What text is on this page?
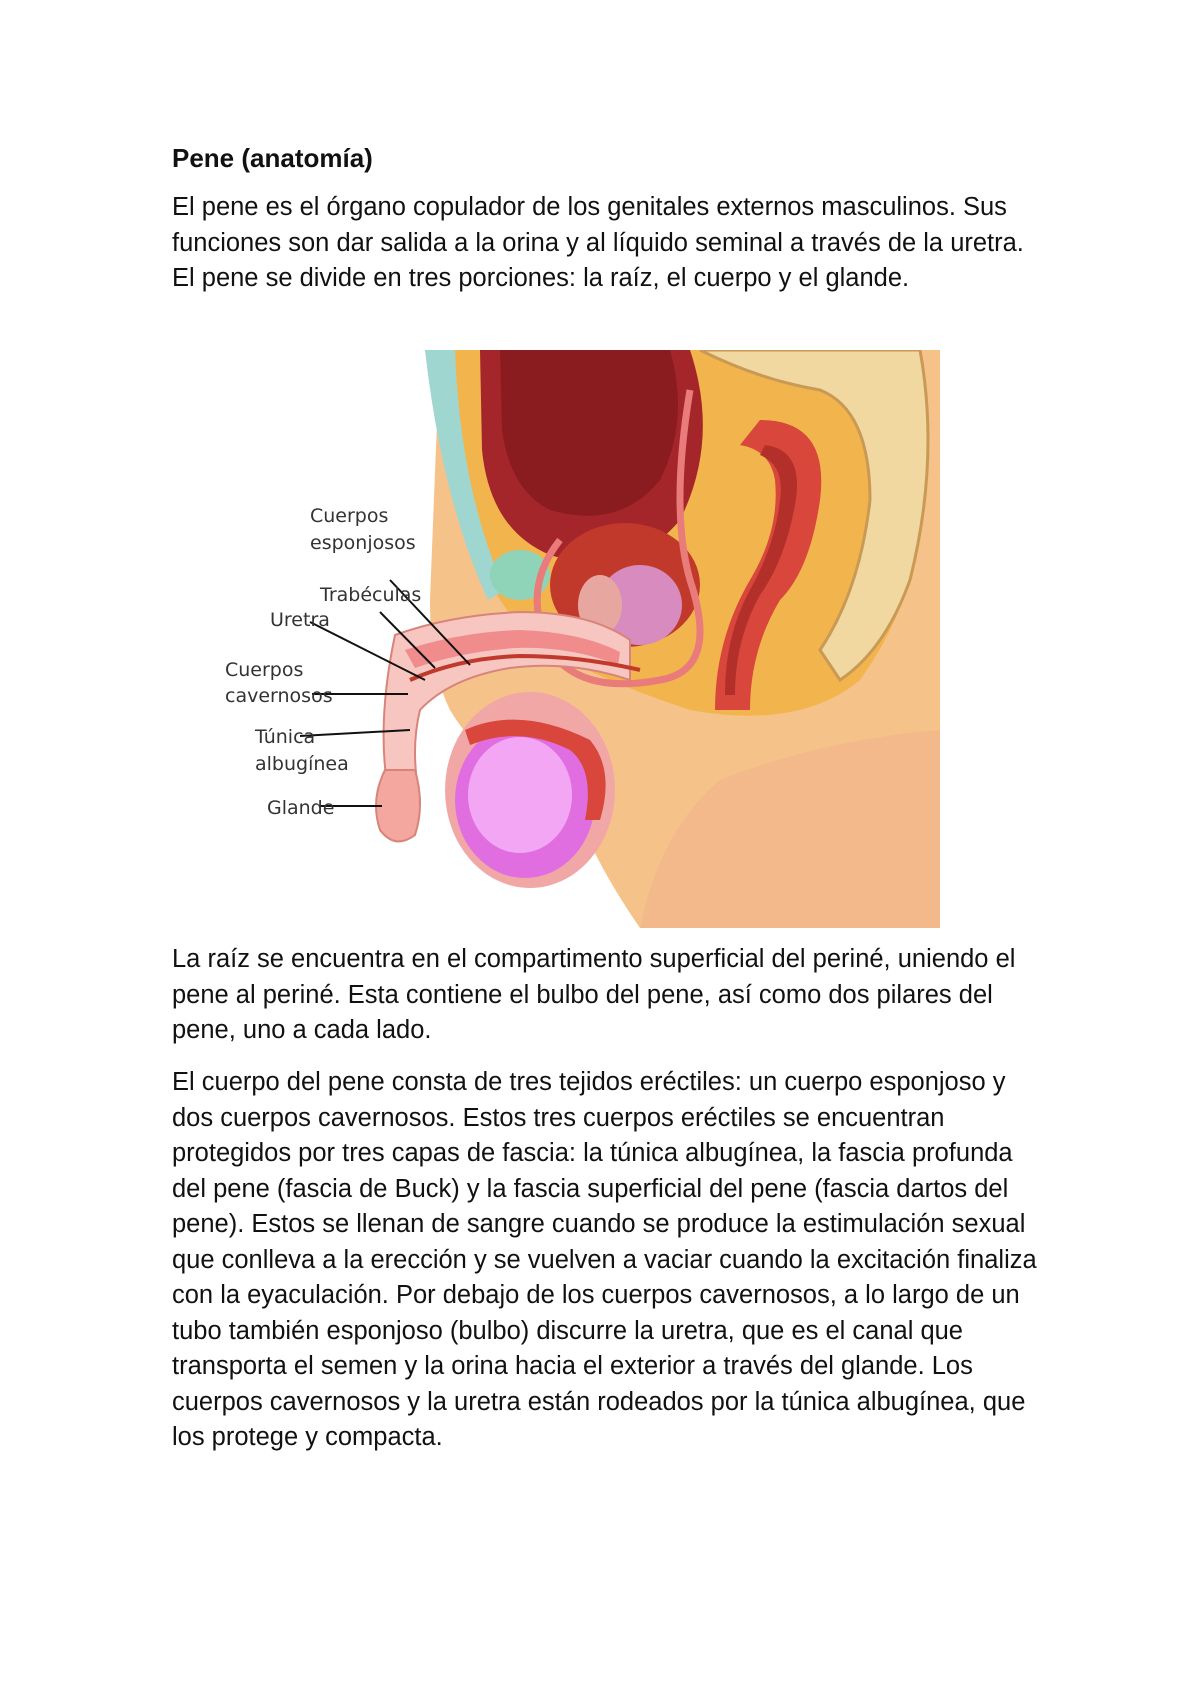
Pene (anatomía)

El pene es el órgano copulador de los genitales externos masculinos. Sus funciones son dar salida a la orina y al líquido seminal a través de la uretra. El pene se divide en tres porciones: la raíz, el cuerpo y el glande.

Cuerpos
esponjosos
Trabéculas
Uretra
Cuerpos
cavernosos
Túnica
albugínea
Glande

La raíz se encuentra en el compartimento superficial del periné, uniendo el pene al periné. Esta contiene el bulbo del pene, así como dos pilares del pene, uno a cada lado.

El cuerpo del pene consta de tres tejidos eréctiles: un cuerpo esponjoso y dos cuerpos cavernosos. Estos tres cuerpos eréctiles se encuentran protegidos por tres capas de fascia: la túnica albugínea, la fascia profunda del pene (fascia de Buck) y la fascia superficial del pene (fascia dartos del pene). Estos se llenan de sangre cuando se produce la estimulación sexual que conlleva a la erección y se vuelven a vaciar cuando la excitación finaliza con la eyaculación. Por debajo de los cuerpos cavernosos, a lo largo de un tubo también esponjoso (bulbo) discurre la uretra, que es el canal que transporta el semen y la orina hacia el exterior a través del glande. Los cuerpos cavernosos y la uretra están rodeados por la túnica albugínea, que los protege y compacta.
